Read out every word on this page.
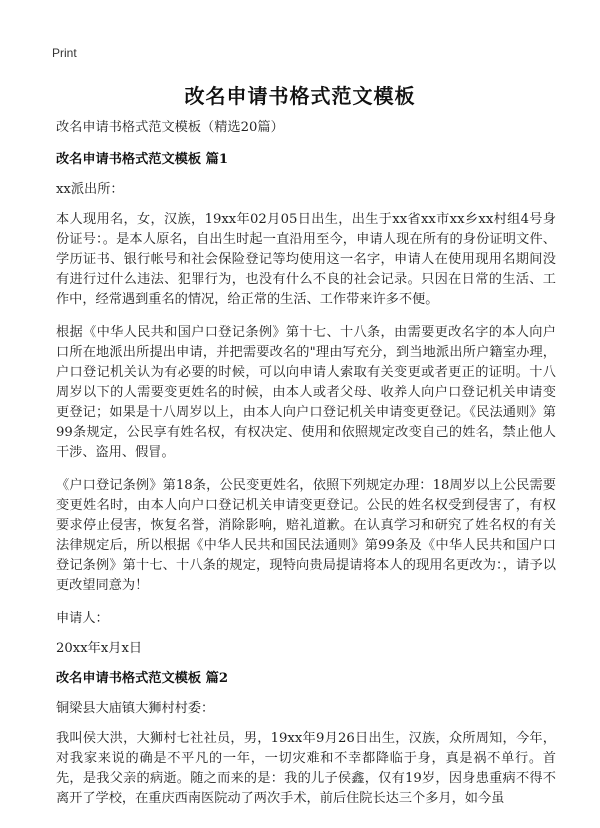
Print
改名申请书格式范文模板

改名申请书格式范文模板（精选20篇）

改名申请书格式范文模板 篇1

xx派出所：

本人现用名，女，汉族，19xx年02月05日出生，出生于xx省xx市xx乡xx村组4号身份证号：。是本人原名，自出生时起一直沿用至今，申请人现在所有的身份证明文件、学历证书、银行帐号和社会保险登记等均使用这一名字，申请人在使用现用名期间没有进行过什么违法、犯罪行为，也没有什么不良的社会记录。只因在日常的生活、工作中，经常遇到重名的情况，给正常的生活、工作带来许多不便。

根据《中华人民共和国户口登记条例》第十七、十八条，由需要更改名字的本人向户口所在地派出所提出申请，并把需要改名的"理由写充分，到当地派出所户籍室办理，户口登记机关认为有必要的时候，可以向申请人索取有关变更或者更正的证明。十八周岁以下的人需要变更姓名的时候，由本人或者父母、收养人向户口登记机关申请变更登记；如果是十八周岁以上，由本人向户口登记机关申请变更登记。《民法通则》第99条规定，公民享有姓名权，有权决定、使用和依照规定改变自己的姓名，禁止他人干涉、盗用、假冒。

《户口登记条例》第18条，公民变更姓名，依照下列规定办理：18周岁以上公民需要变更姓名时，由本人向户口登记机关申请变更登记。公民的姓名权受到侵害了，有权要求停止侵害，恢复名誉，消除影响，赔礼道歉。在认真学习和研究了姓名权的有关法律规定后，所以根据《中华人民共和国民法通则》第99条及《中华人民共和国户口登记条例》第十七、十八条的规定，现特向贵局提请将本人的现用名更改为：，请予以更改望同意为！

申请人：

20xx年x月x日

改名申请书格式范文模板 篇2

铜梁县大庙镇大狮村村委：

我叫侯大洪，大狮村七社社员，男，19xx年9月26日出生，汉族，众所周知，今年，对我家来说的确是不平凡的一年，一切灾难和不幸都降临于身，真是祸不单行。首先，是我父亲的病逝。随之而来的是：我的儿子侯鑫，仅有19岁，因身患重病不得不离开了学校，在重庆西南医院动了两次手术，前后住院长达三个多月，如今虽
